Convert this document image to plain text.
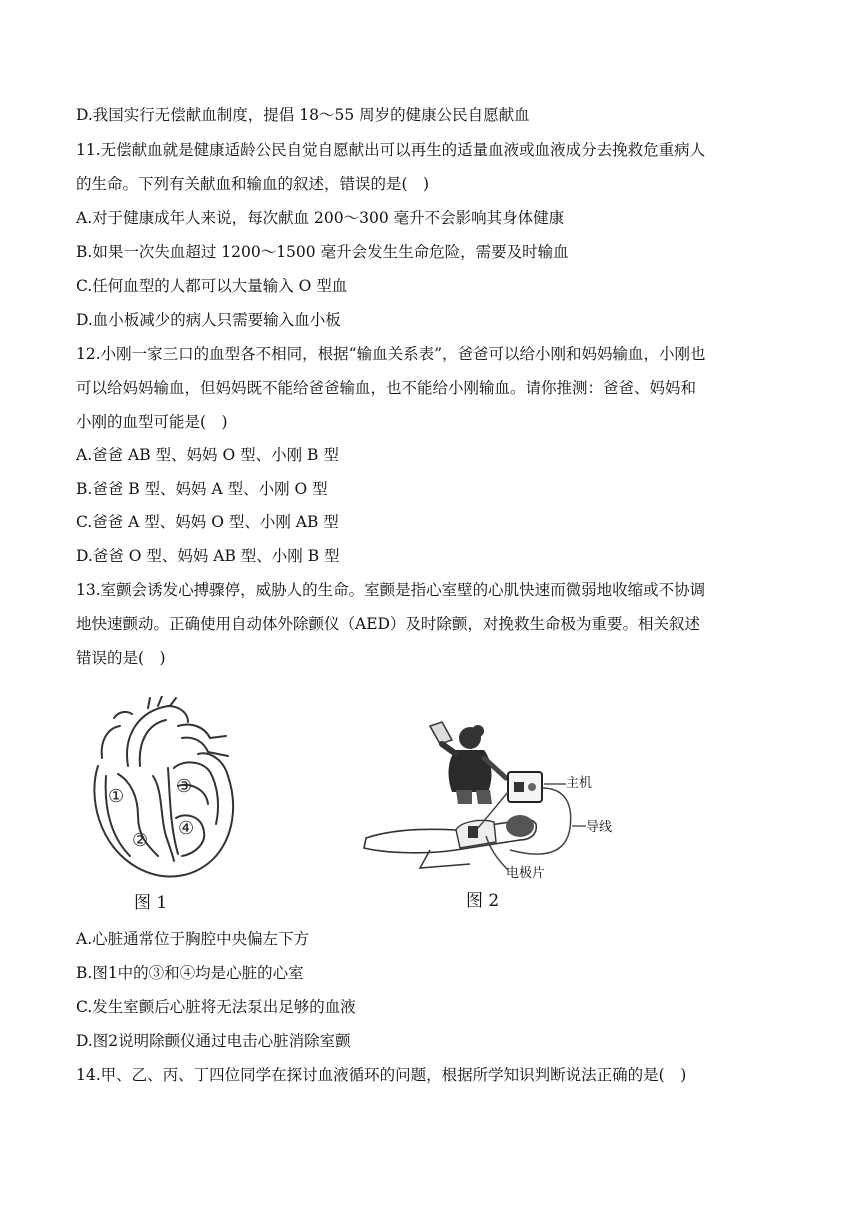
D.我国实行无偿献血制度，提倡 18～55 周岁的健康公民自愿献血
11.无偿献血就是健康适龄公民自觉自愿献出可以再生的适量血液或血液成分去挽救危重病人
的生命。下列有关献血和输血的叙述，错误的是(　)
A.对于健康成年人来说，每次献血 200～300 毫升不会影响其身体健康
B.如果一次失血超过 1200～1500 毫升会发生生命危险，需要及时输血
C.任何血型的人都可以大量输入 O 型血
D.血小板减少的病人只需要输入血小板
12.小刚一家三口的血型各不相同，根据“输血关系表”，爸爸可以给小刚和妈妈输血，小刚也
可以给妈妈输血，但妈妈既不能给爸爸输血，也不能给小刚输血。请你推测：爸爸、妈妈和
小刚的血型可能是(　)
A.爸爸 AB 型、妈妈 O 型、小刚 B 型
B.爸爸 B 型、妈妈 A 型、小刚 O 型
C.爸爸 A 型、妈妈 O 型、小刚 AB 型
D.爸爸 O 型、妈妈 AB 型、小刚 B 型
13.室颤会诱发心搏骤停，威胁人的生命。室颤是指心室壁的心肌快速而微弱地收缩或不协调
地快速颤动。正确使用自动体外除颤仪（AED）及时除颤，对挽救生命极为重要。相关叙述
错误的是(　)
①
②
③
④
图 1
主机
导线
电极片
图 2
A.心脏通常位于胸腔中央偏左下方
B.图1中的③和④均是心脏的心室
C.发生室颤后心脏将无法泵出足够的血液
D.图2说明除颤仪通过电击心脏消除室颤
14.甲、乙、丙、丁四位同学在探讨血液循环的问题，根据所学知识判断说法正确的是(　)
